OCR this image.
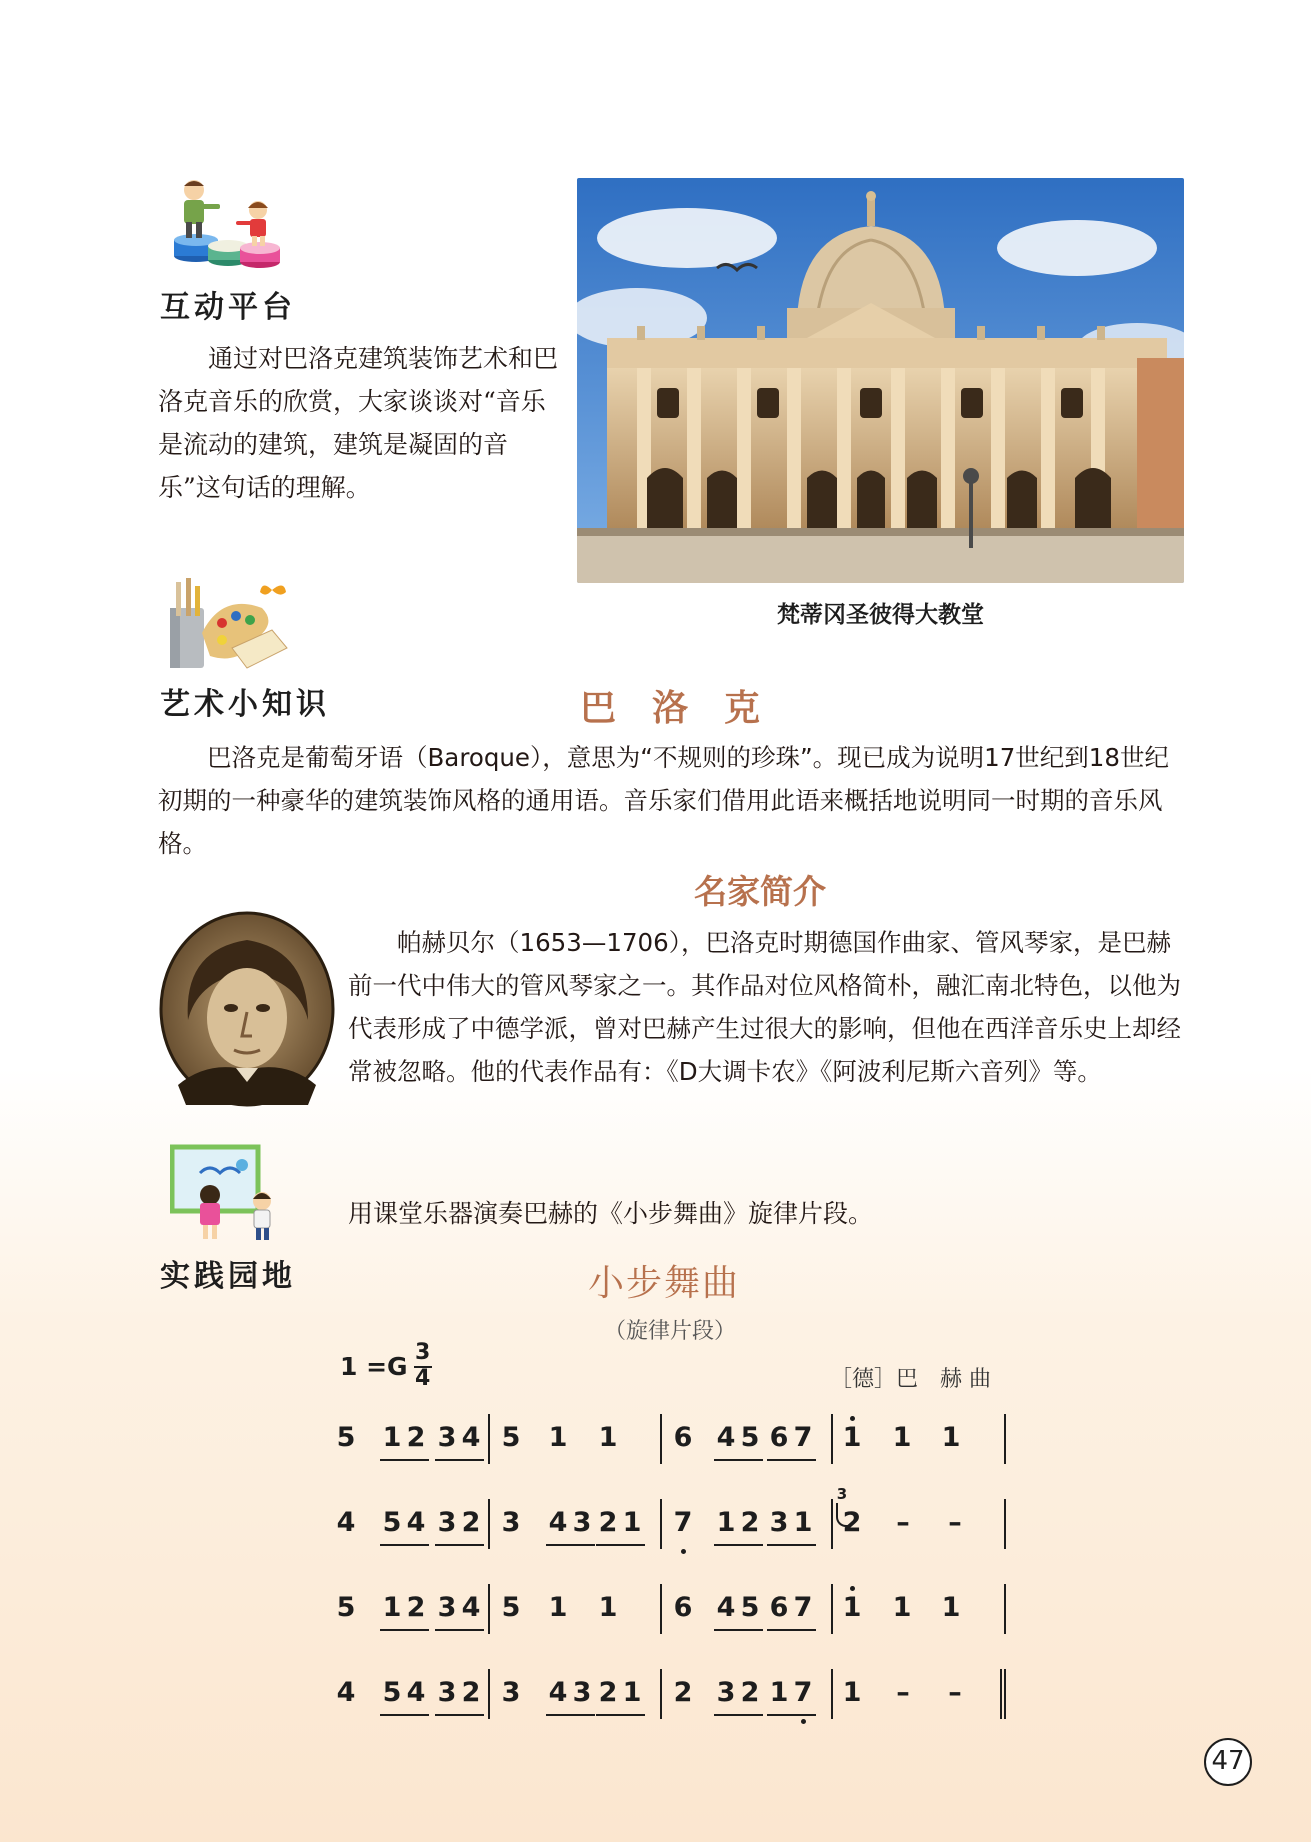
互动平台
通过对巴洛克建筑装饰艺术和巴洛克音乐的欣赏，大家谈谈对“音乐是流动的建筑，建筑是凝固的音乐”这句话的理解。
梵蒂冈圣彼得大教堂
艺术小知识	巴　洛　克
巴洛克是葡萄牙语（Baroque），意思为“不规则的珍珠”。现已成为说明17世纪到18世纪初期的一种豪华的建筑装饰风格的通用语。音乐家们借用此语来概括地说明同一时期的音乐风格。
名家简介
帕赫贝尔（1653—1706），巴洛克时期德国作曲家、管风琴家，是巴赫前一代中伟大的管风琴家之一。其作品对位风格简朴，融汇南北特色，以他为代表形成了中德学派，曾对巴赫产生过很大的影响，但他在西洋音乐史上却经常被忽略。他的代表作品有：《D大调卡农》《阿波利尼斯六音列》等。
实践园地
用课堂乐器演奏巴赫的《小步舞曲》旋律片段。
小步舞曲
（旋律片段）
1 =G 3
4	［德］巴　赫 曲
5 1 2 3 4 5 1 1 6 4 5 6 7 1 1 1
4 5 4 3 2 3 4 3 2 1 7 1 2 3 1 2 – –
5 1 2 3 4 5 1 1 6 4 5 6 7 1 1 1
4 5 4 3 2 3 4 3 2 1 2 3 2 1 7 1 – –
3
47
